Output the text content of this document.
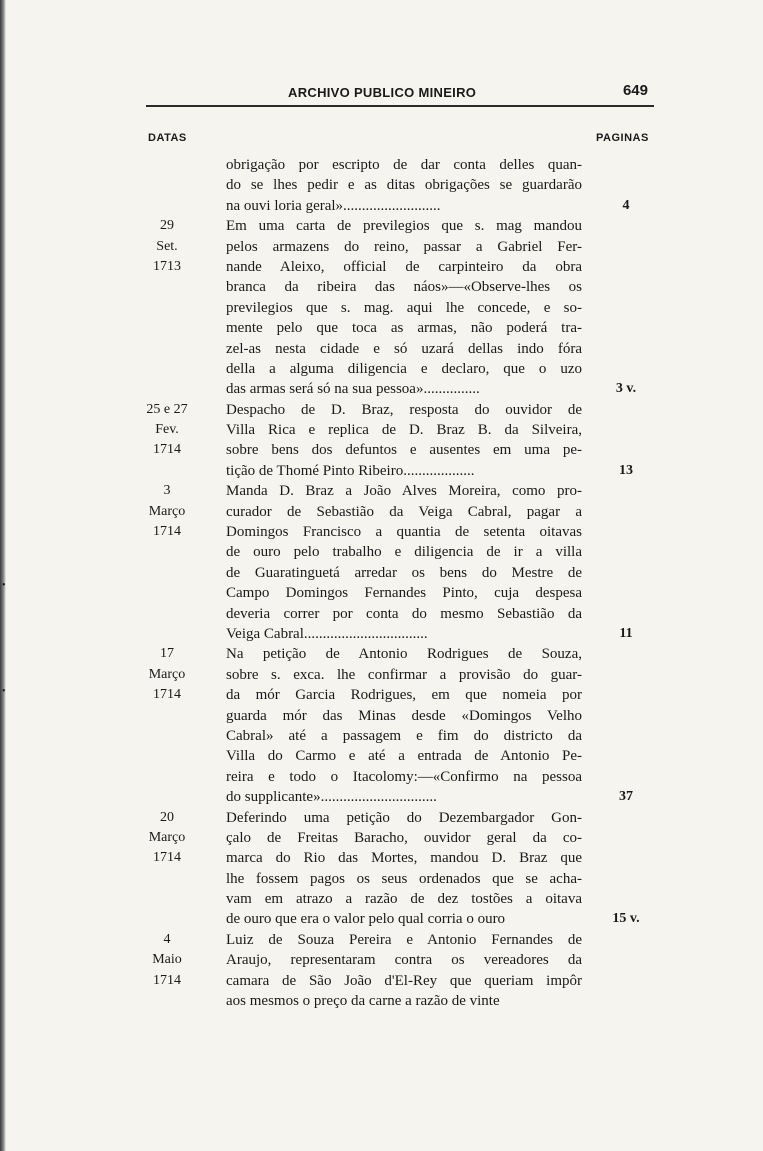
ARCHIVO PUBLICO MINEIRO	649
DATAS	PAGINAS
obrigação por escripto de dar conta delles quan-
do se lhes pedir e as ditas obrigações se guardarão
na ouvi loria geral»..........................	4
29	Em uma carta de previlegios que s. mag mandou
Set.	pelos armazens do reino, passar a Gabriel Fer-
1713	nande Aleixo, official de carpinteiro da obra
branca da ribeira das náos»—«Observe-lhes os
previlegios que s. mag. aqui lhe concede, e so-
mente pelo que toca as armas, não poderá tra-
zel-as nesta cidade e só uzará dellas indo fóra
della a alguma diligencia e declaro, que o uzo
das armas será só na sua pessoa»...............	3 v.
25 e 27	Despacho de D. Braz, resposta do ouvidor de
Fev.	Villa Rica e replica de D. Braz B. da Silveira,
1714	sobre bens dos defuntos e ausentes em uma pe-
tição de Thomé Pinto Ribeiro...................	13
3	Manda D. Braz a João Alves Moreira, como pro-
Março	curador de Sebastião da Veiga Cabral, pagar a
1714	Domingos Francisco a quantia de setenta oitavas
de ouro pelo trabalho e diligencia de ir a villa
de Guaratinguetá arredar os bens do Mestre de
Campo Domingos Fernandes Pinto, cuja despesa
deveria correr por conta do mesmo Sebastião da
Veiga Cabral.................................	11
17	Na petição de Antonio Rodrigues de Souza,
Março	sobre s. exca. lhe confirmar a provisão do guar-
1714	da mór Garcia Rodrigues, em que nomeia por
guarda mór das Minas desde «Domingos Velho
Cabral» até a passagem e fim do districto da
Villa do Carmo e até a entrada de Antonio Pe-
reira e todo o Itacolomy:—«Confirmo na pessoa
do supplicante»...............................	37
20	Deferindo uma petição do Dezembargador Gon-
Março	çalo de Freitas Baracho, ouvidor geral da co-
1714	marca do Rio das Mortes, mandou D. Braz que
lhe fossem pagos os seus ordenados que se acha-
vam em atrazo a razão de dez tostões a oitava
de ouro que era o valor pelo qual corria o ouro	15 v.
4	Luiz de Souza Pereira e Antonio Fernandes de
Maio	Araujo, representaram contra os vereadores da
1714	camara de São João d'El-Rey que queriam impôr
aos mesmos o preço da carne a razão de vinte
•
•
